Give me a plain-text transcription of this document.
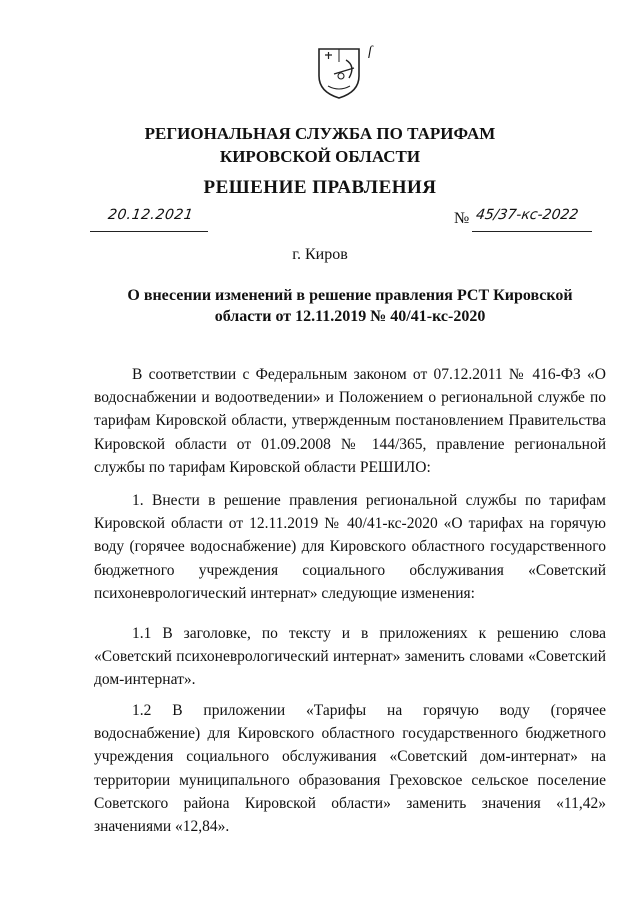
ſ
РЕГИОНАЛЬНАЯ СЛУЖБА ПО ТАРИФАМ
КИРОВСКОЙ ОБЛАСТИ
РЕШЕНИЕ ПРАВЛЕНИЯ
20.12.2021	№ 45/37-кс-2022
г. Киров
О внесении изменений в решение правления РСТ Кировской
области от 12.11.2019 № 40/41-кс-2020
В соответствии с Федеральным законом от 07.12.2011 № 416-ФЗ «О
водоснабжении и водоотведении» и Положением о региональной службе по
тарифам Кировской области, утвержденным постановлением Правительства
Кировской области от 01.09.2008 № 144/365, правление региональной
службы по тарифам Кировской области РЕШИЛО:
1. Внести в решение правления региональной службы по тарифам
Кировской области от 12.11.2019 № 40/41-кс-2020 «О тарифах на горячую
воду (горячее водоснабжение) для Кировского областного государственного
бюджетного учреждения социального обслуживания «Советский
психоневрологический интернат» следующие изменения:
1.1 В заголовке, по тексту и в приложениях к решению слова
«Советский психоневрологический интернат» заменить словами «Советский
дом-интернат».
1.2 В приложении «Тарифы на горячую воду (горячее
водоснабжение) для Кировского областного государственного бюджетного
учреждения социального обслуживания «Советский дом-интернат» на
территории муниципального образования Греховское сельское поселение
Советского района Кировской области» заменить значения «11,42»
значениями «12,84».
